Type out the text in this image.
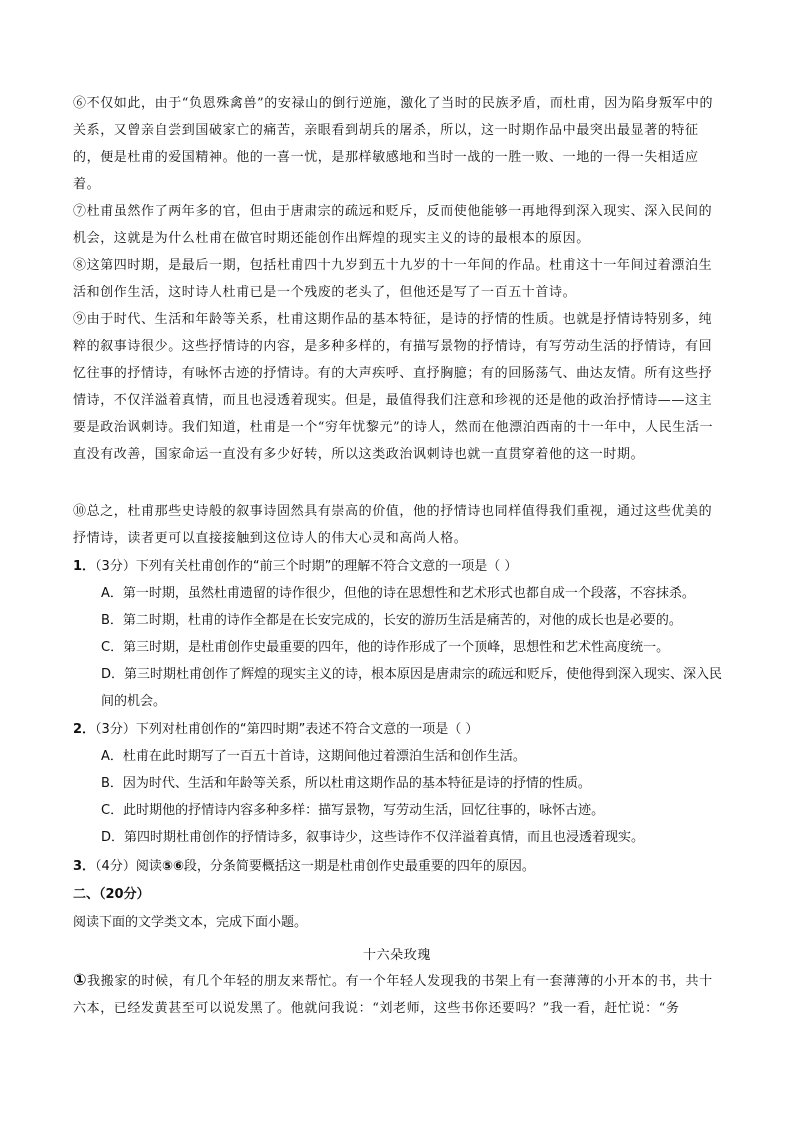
⑥不仅如此，由于“负恩殊禽兽”的安禄山的倒行逆施，激化了当时的民族矛盾，而杜甫，因为陷身叛军中的关系，又曾亲自尝到国破家亡的痛苦，亲眼看到胡兵的屠杀，所以，这一时期作品中最突出最显著的特征的，便是杜甫的爱国精神。他的一喜一忧，是那样敏感地和当时一战的一胜一败、一地的一得一失相适应着。

⑦杜甫虽然作了两年多的官，但由于唐肃宗的疏远和贬斥，反而使他能够一再地得到深入现实、深入民间的机会，这就是为什么杜甫在做官时期还能创作出辉煌的现实主义的诗的最根本的原因。

⑧这第四时期，是最后一期，包括杜甫四十九岁到五十九岁的十一年间的作品。杜甫这十一年间过着漂泊生活和创作生活，这时诗人杜甫已是一个残废的老头了，但他还是写了一百五十首诗。

⑨由于时代、生活和年龄等关系，杜甫这期作品的基本特征，是诗的抒情的性质。也就是抒情诗特别多，纯粹的叙事诗很少。这些抒情诗的内容，是多种多样的，有描写景物的抒情诗，有写劳动生活的抒情诗，有回忆往事的抒情诗，有咏怀古迹的抒情诗。有的大声疾呼、直抒胸臆；有的回肠荡气、曲达友情。所有这些抒情诗，不仅洋溢着真情，而且也浸透着现实。但是，最值得我们注意和珍视的还是他的政治抒情诗——这主要是政治讽刺诗。我们知道，杜甫是一个“穷年忧黎元”的诗人，然而在他漂泊西南的十一年中，人民生活一直没有改善，国家命运一直没有多少好转，所以这类政治讽刺诗也就一直贯穿着他的这一时期。

⑩总之，杜甫那些史诗般的叙事诗固然具有崇高的价值，他的抒情诗也同样值得我们重视，通过这些优美的抒情诗，读者更可以直接接触到这位诗人的伟大心灵和高尚人格。

1．（3分）下列有关杜甫创作的“前三个时期”的理解不符合文意的一项是（ ）

A．第一时期，虽然杜甫遗留的诗作很少，但他的诗在思想性和艺术形式也都自成一个段落，不容抹杀。

B．第二时期，杜甫的诗作全都是在长安完成的，长安的游历生活是痛苦的，对他的成长也是必要的。

C．第三时期，是杜甫创作史最重要的四年，他的诗作形成了一个顶峰，思想性和艺术性高度统一。

D．第三时期杜甫创作了辉煌的现实主义的诗，根本原因是唐肃宗的疏远和贬斥，使他得到深入现实、深入民间的机会。

2．（3分）下列对杜甫创作的“第四时期”表述不符合文意的一项是（ ）

A．杜甫在此时期写了一百五十首诗，这期间他过着漂泊生活和创作生活。

B．因为时代、生活和年龄等关系，所以杜甫这期作品的基本特征是诗的抒情的性质。

C．此时期他的抒情诗内容多种多样：描写景物，写劳动生活，回忆往事的，咏怀古迹。

D．第四时期杜甫创作的抒情诗多，叙事诗少，这些诗作不仅洋溢着真情，而且也浸透着现实。

3．（4分）阅读⑤⑥段，分条简要概括这一期是杜甫创作史最重要的四年的原因。

二、（20分）

阅读下面的文学类文本，完成下面小题。

十六朵玫瑰

①我搬家的时候，有几个年轻的朋友来帮忙。有一个年轻人发现我的书架上有一套薄薄的小开本的书，共十六本，已经发黄甚至可以说发黑了。他就问我说：“刘老师，这些书你还要吗？”我一看，赶忙说：“务
